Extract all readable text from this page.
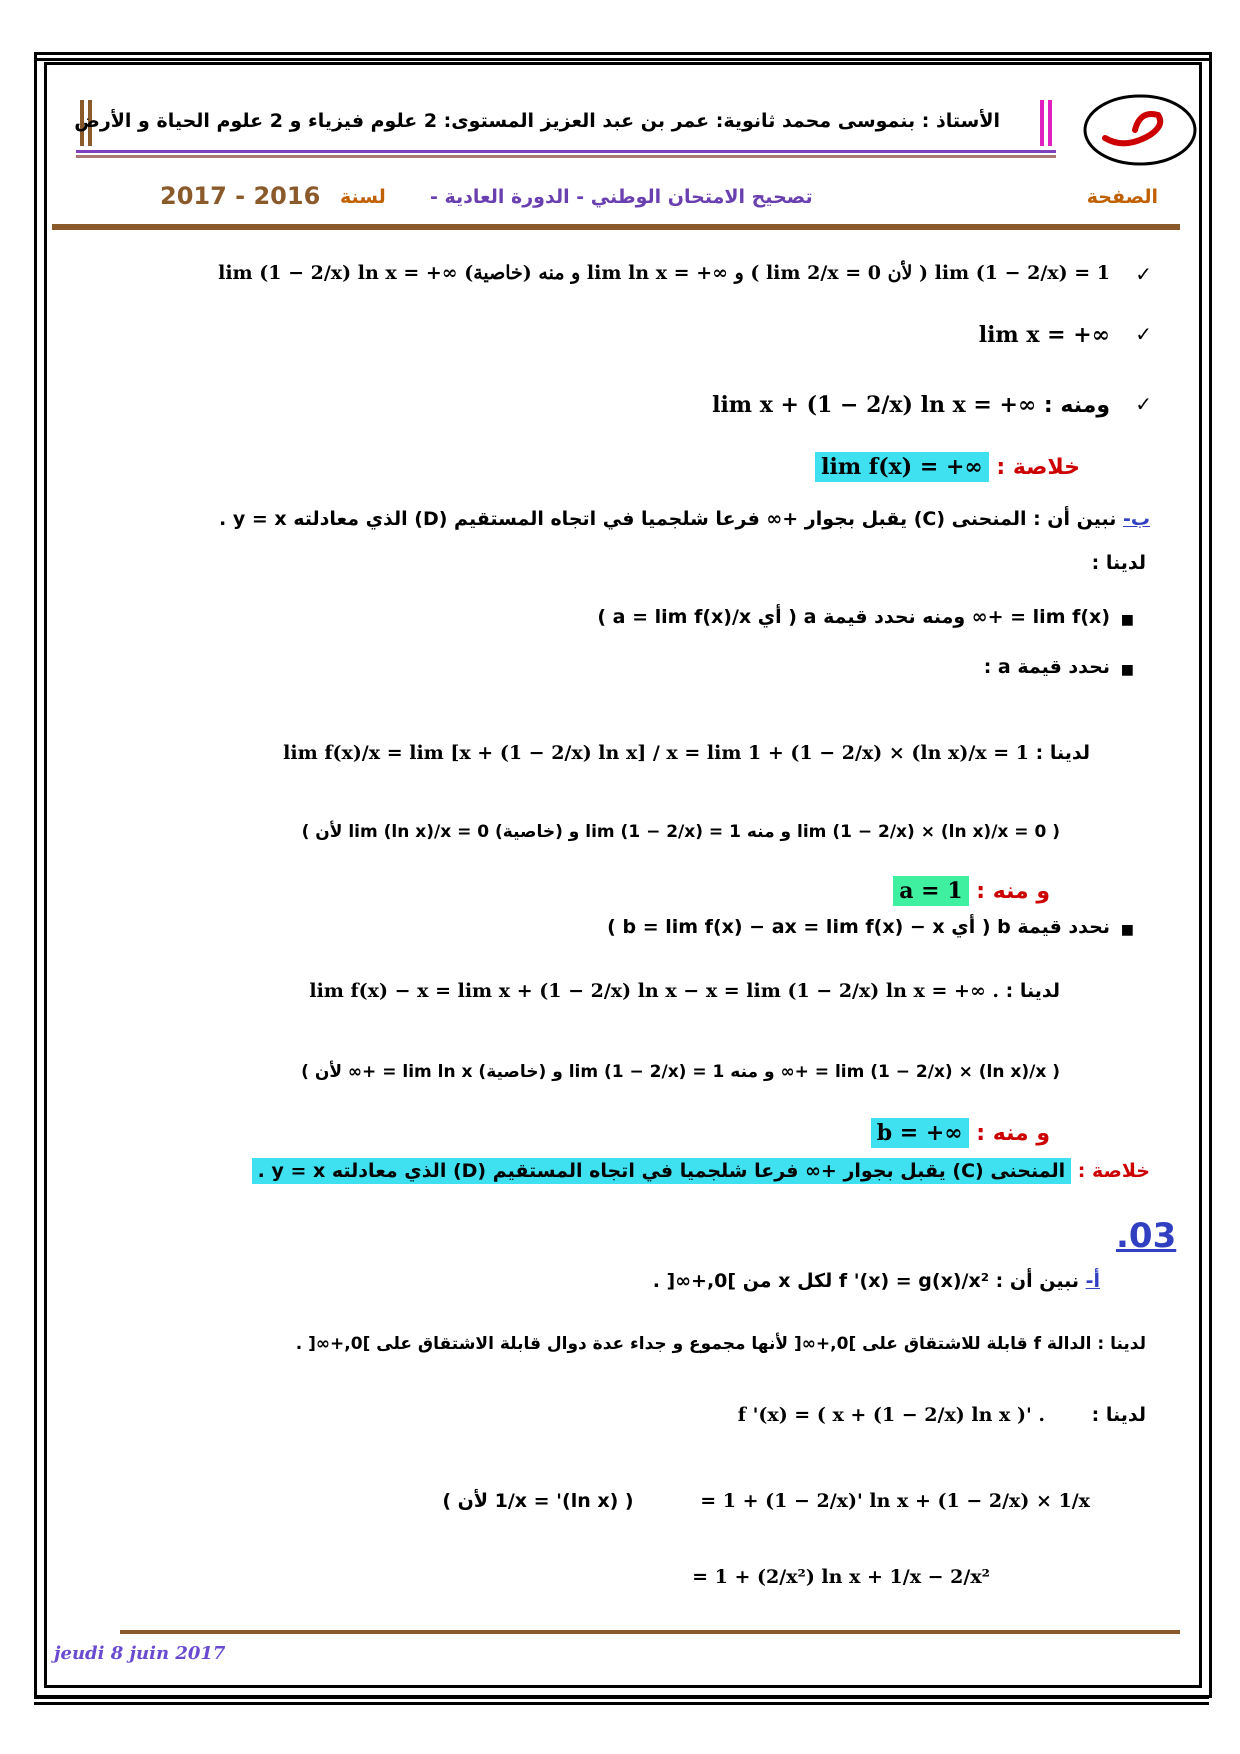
الأستاذ : بنموسى محمد ثانوية: عمر بن عبد العزيز المستوى: 2 علوم فيزياء و 2 علوم الحياة و الأرض
الصفحة
تصحيح الامتحان الوطني - الدورة العادية -
لسنة
2017 - 2016
✓
lim (1 − 2/x) ln x = +∞ و منه (خاصية) lim ln x = +∞ و ( lim 2/x = 0 لأن ) lim (1 − 2/x) = 1
✓
lim x = +∞
✓
ومنه : lim x + (1 − 2/x) ln x = +∞
خلاصة : lim f(x) = +∞
ب- نبين أن : المنحنى (C) يقبل بجوار +∞ فرعا شلجميا في اتجاه المستقيم (D) الذي معادلته y = x .
لدينا :
■
lim f(x) = +∞ ومنه نحدد قيمة a ( أي a = lim f(x)/x )
■
نحدد قيمة a :
لدينا : lim f(x)/x = lim [x + (1 − 2/x) ln x] / x = lim 1 + (1 − 2/x) × (ln x)/x = 1
( lim (1 − 2/x) × (ln x)/x = 0 و منه lim (1 − 2/x) = 1 و (خاصية) lim (ln x)/x = 0 لأن )
و منه : a = 1
■
نحدد قيمة b ( أي b = lim f(x) − ax = lim f(x) − x )
لدينا : lim f(x) − x = lim x + (1 − 2/x) ln x − x = lim (1 − 2/x) ln x = +∞ .
( lim (1 − 2/x) × (ln x)/x = +∞ و منه lim (1 − 2/x) = 1 و (خاصية) lim ln x = +∞ لأن )
و منه : b = +∞
خلاصة : المنحنى (C) يقبل بجوار +∞ فرعا شلجميا في اتجاه المستقيم (D) الذي معادلته y = x .
.03
أ- نبين أن : f '(x) = g(x)/x² لكل x من ]0,+∞[ .
لدينا : الدالة f قابلة للاشتقاق على ]0,+∞[ لأنها مجموع و جداء عدة دوال قابلة الاشتقاق على ]0,+∞[ .
لدينا : f '(x) = ( x + (1 − 2/x) ln x )' .
= 1 + (1 − 2/x)' ln x + (1 − 2/x) × 1/x ( (ln x)' = 1/x لأن )
= 1 + (2/x²) ln x + 1/x − 2/x²
jeudi 8 juin 2017
